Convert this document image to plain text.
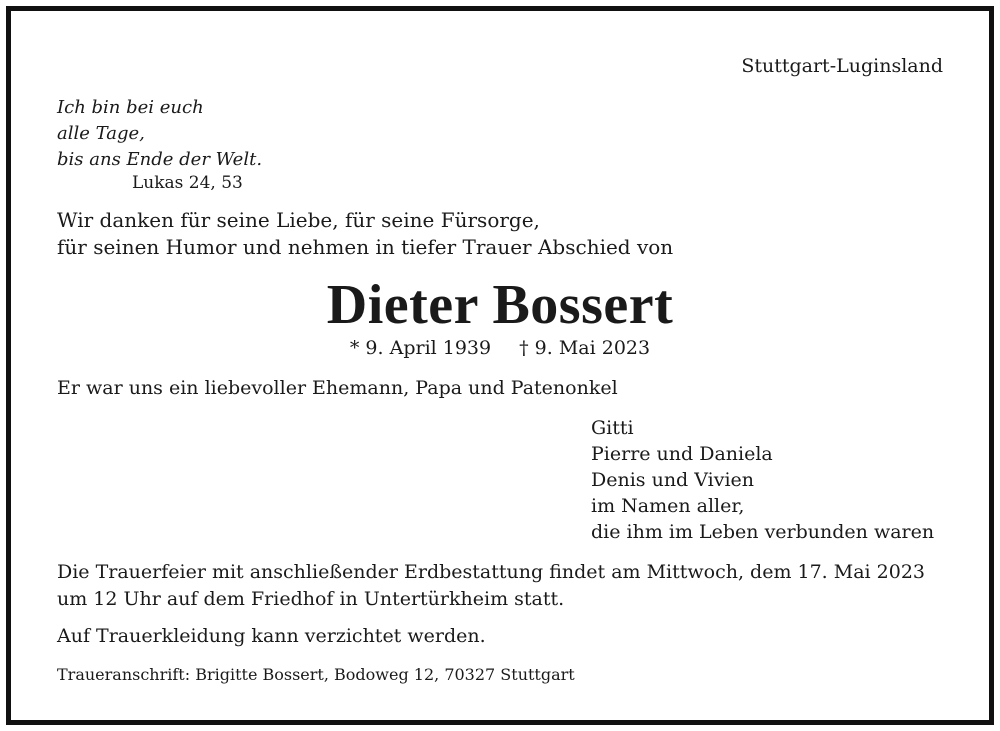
Stuttgart-Luginsland

Ich bin bei euch
alle Tage,
bis ans Ende der Welt.

Lukas 24, 53

Wir danken für seine Liebe, für seine Fürsorge,
für seinen Humor und nehmen in tiefer Trauer Abschied von
Dieter Bossert

* 9. April 1939 † 9. Mai 2023

Er war uns ein liebevoller Ehemann, Papa und Patenonkel

Gitti
Pierre und Daniela
Denis und Vivien
im Namen aller,
die ihm im Leben verbunden waren
Die Trauerfeier mit anschließender Erdbestattung findet am Mittwoch, dem 17. Mai 2023
um 12 Uhr auf dem Friedhof in Untertürkheim statt.

Auf Trauerkleidung kann verzichtet werden.

Traueranschrift: Brigitte Bossert, Bodoweg 12, 70327 Stuttgart
